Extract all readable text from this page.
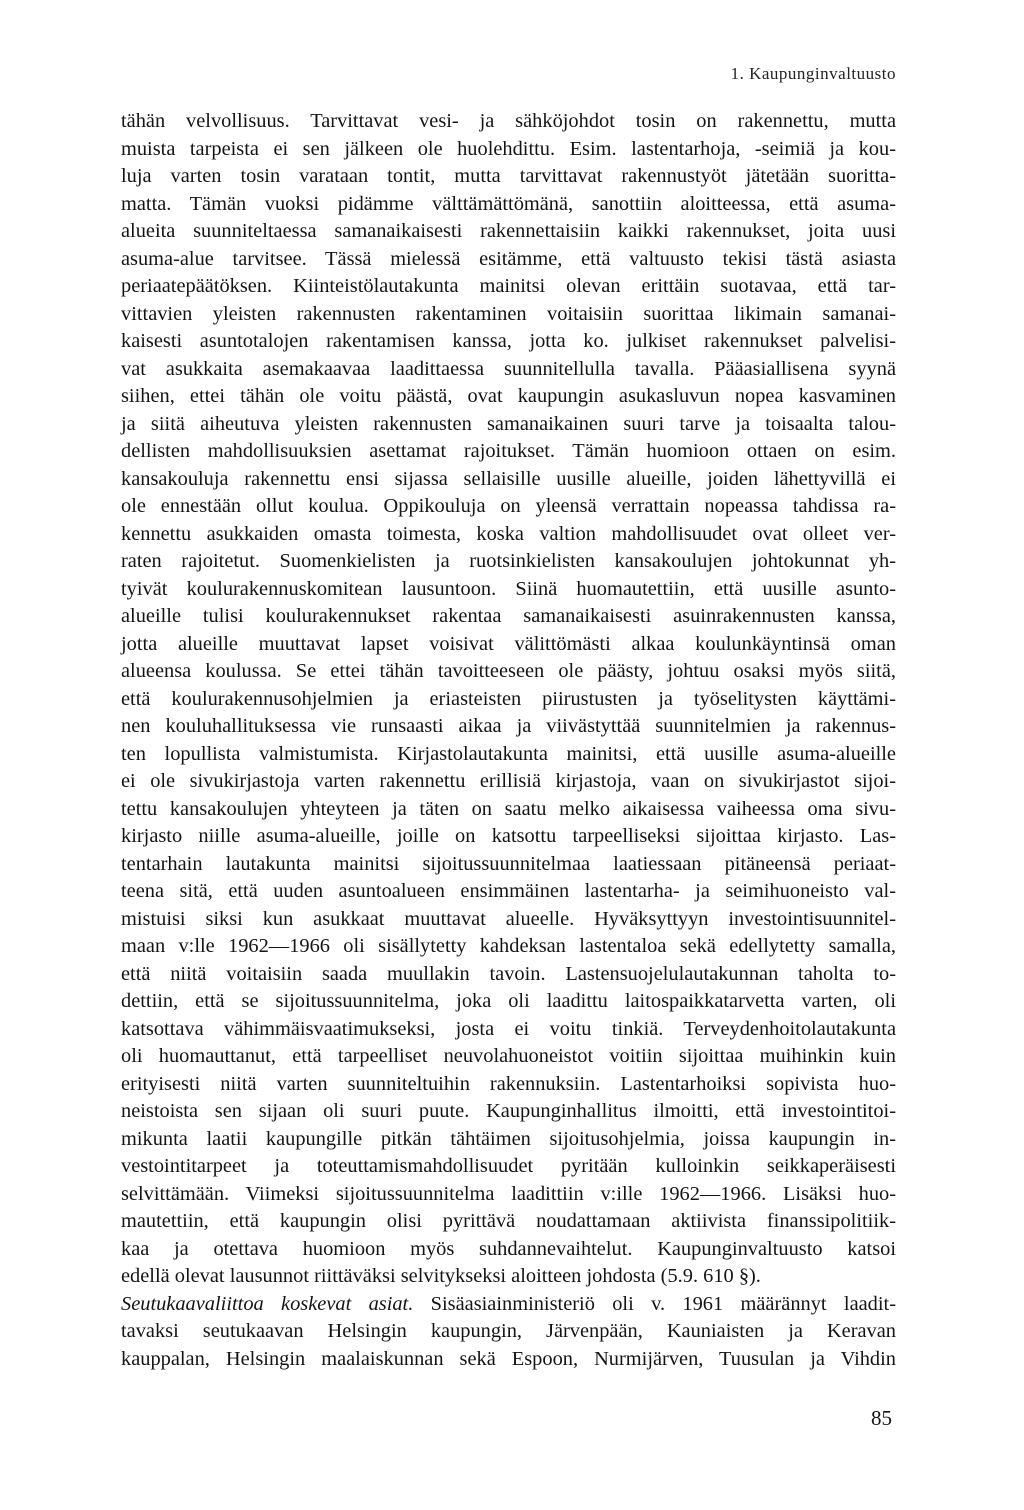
1. Kaupunginvaltuusto
tähän velvollisuus. Tarvittavat vesi- ja sähköjohdot tosin on rakennettu, mutta
muista tarpeista ei sen jälkeen ole huolehdittu. Esim. lastentarhoja, -seimiä ja kou-
luja varten tosin varataan tontit, mutta tarvittavat rakennustyöt jätetään suoritta-
matta. Tämän vuoksi pidämme välttämättömänä, sanottiin aloitteessa, että asuma-
alueita suunniteltaessa samanaikaisesti rakennettaisiin kaikki rakennukset, joita uusi
asuma-alue tarvitsee. Tässä mielessä esitämme, että valtuusto tekisi tästä asiasta
periaatepäätöksen. Kiinteistölautakunta mainitsi olevan erittäin suotavaa, että tar-
vittavien yleisten rakennusten rakentaminen voitaisiin suorittaa likimain samanai-
kaisesti asuntotalojen rakentamisen kanssa, jotta ko. julkiset rakennukset palvelisi-
vat asukkaita asemakaavaa laadittaessa suunnitellulla tavalla. Pääasiallisena syynä
siihen, ettei tähän ole voitu päästä, ovat kaupungin asukasluvun nopea kasvaminen
ja siitä aiheutuva yleisten rakennusten samanaikainen suuri tarve ja toisaalta talou-
dellisten mahdollisuuksien asettamat rajoitukset. Tämän huomioon ottaen on esim.
kansakouluja rakennettu ensi sijassa sellaisille uusille alueille, joiden lähettyvillä ei
ole ennestään ollut koulua. Oppikouluja on yleensä verrattain nopeassa tahdissa ra-
kennettu asukkaiden omasta toimesta, koska valtion mahdollisuudet ovat olleet ver-
raten rajoitetut. Suomenkielisten ja ruotsinkielisten kansakoulujen johtokunnat yh-
tyivät koulurakennuskomitean lausuntoon. Siinä huomautettiin, että uusille asunto-
alueille tulisi koulurakennukset rakentaa samanaikaisesti asuinrakennusten kanssa,
jotta alueille muuttavat lapset voisivat välittömästi alkaa koulunkäyntinsä oman
alueensa koulussa. Se ettei tähän tavoitteeseen ole päästy, johtuu osaksi myös siitä,
että koulurakennusohjelmien ja eriasteisten piirustusten ja työselitysten käyttämi-
nen kouluhallituksessa vie runsaasti aikaa ja viivästyttää suunnitelmien ja rakennus-
ten lopullista valmistumista. Kirjastolautakunta mainitsi, että uusille asuma-alueille
ei ole sivukirjastoja varten rakennettu erillisiä kirjastoja, vaan on sivukirjastot sijoi-
tettu kansakoulujen yhteyteen ja täten on saatu melko aikaisessa vaiheessa oma sivu-
kirjasto niille asuma-alueille, joille on katsottu tarpeelliseksi sijoittaa kirjasto. Las-
tentarhain lautakunta mainitsi sijoitussuunnitelmaa laatiessaan pitäneensä periaat-
teena sitä, että uuden asuntoalueen ensimmäinen lastentarha- ja seimihuoneisto val-
mistuisi siksi kun asukkaat muuttavat alueelle. Hyväksyttyyn investointisuunnitel-
maan v:lle 1962—1966 oli sisällytetty kahdeksan lastentaloa sekä edellytetty samalla,
että niitä voitaisiin saada muullakin tavoin. Lastensuojelulautakunnan taholta to-
dettiin, että se sijoitussuunnitelma, joka oli laadittu laitospaikkatarvetta varten, oli
katsottava vähimmäisvaatimukseksi, josta ei voitu tinkiä. Terveydenhoitolautakunta
oli huomauttanut, että tarpeelliset neuvolahuoneistot voitiin sijoittaa muihinkin kuin
erityisesti niitä varten suunniteltuihin rakennuksiin. Lastentarhoiksi sopivista huo-
neistoista sen sijaan oli suuri puute. Kaupunginhallitus ilmoitti, että investointitoi-
mikunta laatii kaupungille pitkän tähtäimen sijoitusohjelmia, joissa kaupungin in-
vestointitarpeet ja toteuttamismahdollisuudet pyritään kulloinkin seikkaperäisesti
selvittämään. Viimeksi sijoitussuunnitelma laadittiin v:ille 1962—1966. Lisäksi huo-
mautettiin, että kaupungin olisi pyrittävä noudattamaan aktiivista finanssipolitiik-
kaa ja otettava huomioon myös suhdannevaihtelut. Kaupunginvaltuusto katsoi
edellä olevat lausunnot riittäväksi selvitykseksi aloitteen johdosta (5.9. 610 §).
Seutukaavaliittoa koskevat asiat. Sisäasiainministeriö oli v. 1961 määrännyt laadit-
tavaksi seutukaavan Helsingin kaupungin, Järvenpään, Kauniaisten ja Keravan
kauppalan, Helsingin maalaiskunnan sekä Espoon, Nurmijärven, Tuusulan ja Vihdin
85
